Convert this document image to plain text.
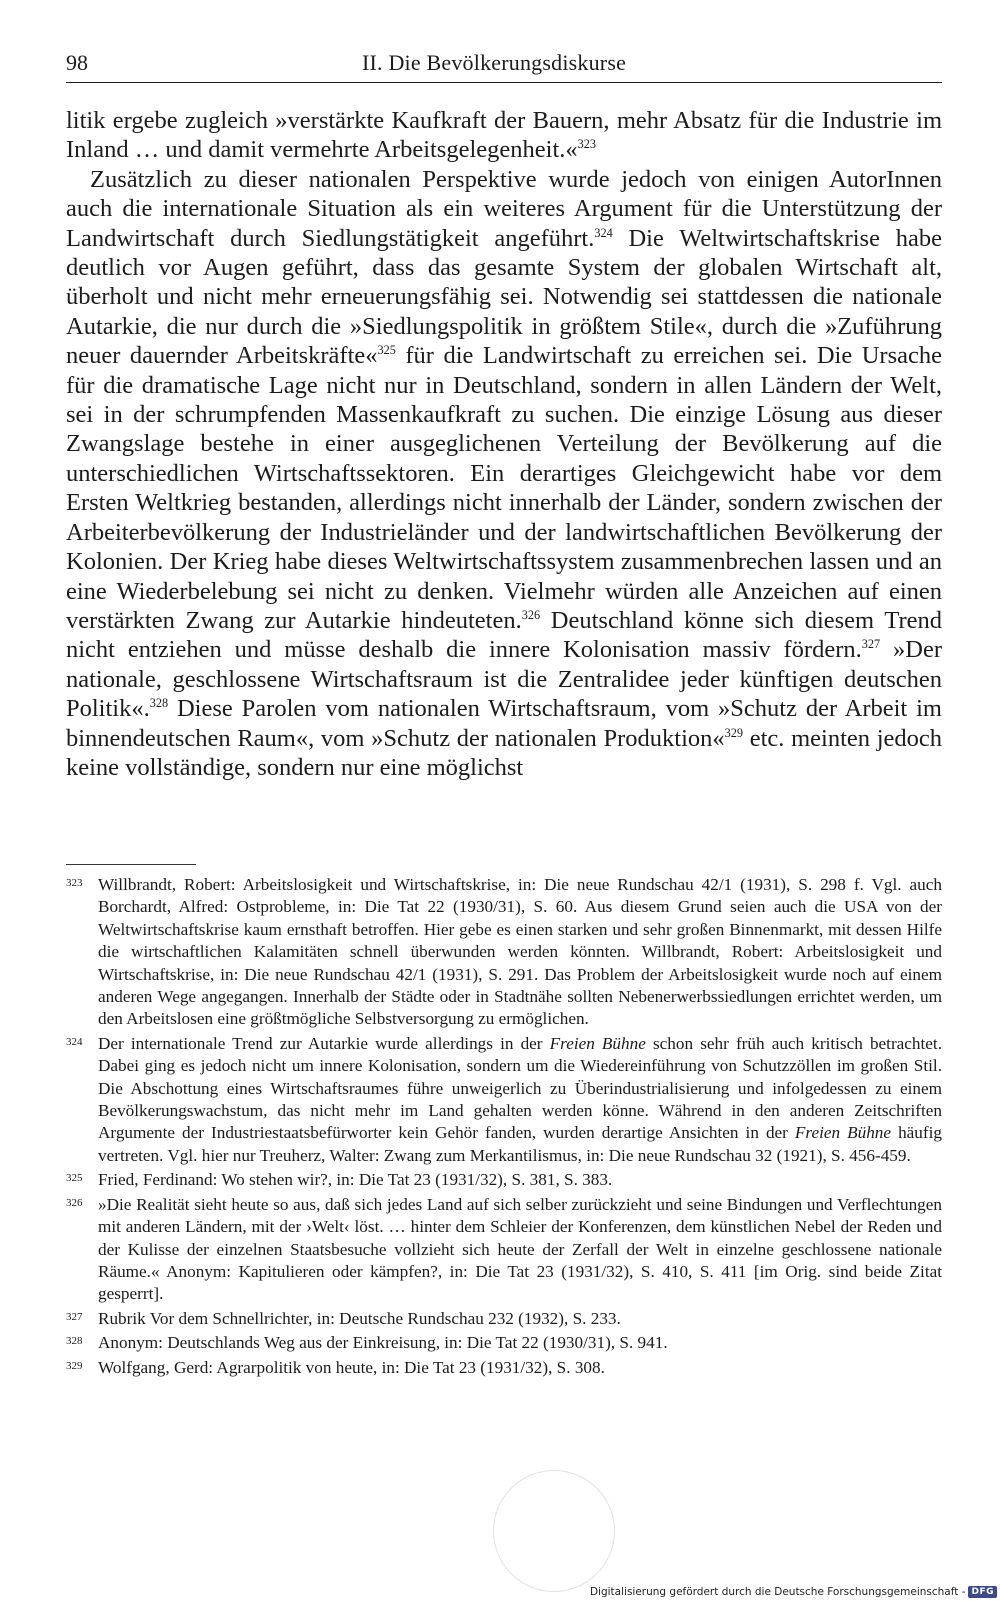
98	II. Die Bevölkerungsdiskurse

litik ergebe zugleich »verstärkte Kaufkraft der Bauern, mehr Absatz für die Industrie im Inland … und damit vermehrte Arbeitsgelegenheit.«$^{323}$

Zusätzlich zu dieser nationalen Perspektive wurde jedoch von einigen AutorInnen auch die internationale Situation als ein weiteres Argument für die Unterstützung der Landwirtschaft durch Siedlungstätigkeit angeführt.$^{324}$ Die Weltwirtschaftskrise habe deutlich vor Augen geführt, dass das gesamte System der globalen Wirtschaft alt, überholt und nicht mehr erneuerungsfähig sei. Notwendig sei stattdessen die nationale Autarkie, die nur durch die »Siedlungspolitik in größtem Stile«, durch die »Zuführung neuer dauernder Arbeitskräfte«$^{325}$ für die Landwirtschaft zu erreichen sei. Die Ursache für die dramatische Lage nicht nur in Deutschland, sondern in allen Ländern der Welt, sei in der schrumpfenden Massenkaufkraft zu suchen. Die einzige Lösung aus dieser Zwangslage bestehe in einer ausgeglichenen Verteilung der Bevölkerung auf die unterschiedlichen Wirtschaftssektoren. Ein derartiges Gleichgewicht habe vor dem Ersten Weltkrieg bestanden, allerdings nicht innerhalb der Länder, sondern zwischen der Arbeiterbevölkerung der Industrieländer und der landwirtschaftlichen Bevölkerung der Kolonien. Der Krieg habe dieses Weltwirtschaftssystem zusammenbrechen lassen und an eine Wiederbelebung sei nicht zu denken. Vielmehr würden alle Anzeichen auf einen verstärkten Zwang zur Autarkie hindeuteten.$^{326}$ Deutschland könne sich diesem Trend nicht entziehen und müsse deshalb die innere Kolonisation massiv fördern.$^{327}$ »Der nationale, geschlossene Wirtschaftsraum ist die Zentralidee jeder künftigen deutschen Politik«.$^{328}$ Diese Parolen vom nationalen Wirtschaftsraum, vom »Schutz der Arbeit im binnendeutschen Raum«, vom »Schutz der nationalen Produktion«$^{329}$ etc. meinten jedoch keine vollständige, sondern nur eine möglichst

323 Willbrandt, Robert: Arbeitslosigkeit und Wirtschaftskrise, in: Die neue Rundschau 42/1 (1931), S. 298 f. Vgl. auch Borchardt, Alfred: Ostprobleme, in: Die Tat 22 (1930/31), S. 60. Aus diesem Grund seien auch die USA von der Weltwirtschaftskrise kaum ernsthaft betroffen. Hier gebe es einen starken und sehr großen Binnenmarkt, mit dessen Hilfe die wirtschaftlichen Kalamitäten schnell überwunden werden könnten. Willbrandt, Robert: Arbeitslosigkeit und Wirtschaftskrise, in: Die neue Rundschau 42/1 (1931), S. 291. Das Problem der Arbeitslosigkeit wurde noch auf einem anderen Wege angegangen. Innerhalb der Städte oder in Stadtnähe sollten Nebenerwerbssiedlungen errichtet werden, um den Arbeitslosen eine größtmögliche Selbstversorgung zu ermöglichen.
324 Der internationale Trend zur Autarkie wurde allerdings in der Freien Bühne schon sehr früh auch kritisch betrachtet. Dabei ging es jedoch nicht um innere Kolonisation, sondern um die Wiedereinführung von Schutzzöllen im großen Stil. Die Abschottung eines Wirtschaftsraumes führe unweigerlich zu Überindustrialisierung und infolgedessen zu einem Bevölkerungswachstum, das nicht mehr im Land gehalten werden könne. Während in den anderen Zeitschriften Argumente der Industriestaatsbefürworter kein Gehör fanden, wurden derartige Ansichten in der Freien Bühne häufig vertreten. Vgl. hier nur Treuherz, Walter: Zwang zum Merkantilismus, in: Die neue Rundschau 32 (1921), S. 456-459.
325 Fried, Ferdinand: Wo stehen wir?, in: Die Tat 23 (1931/32), S. 381, S. 383.
326 »Die Realität sieht heute so aus, daß sich jedes Land auf sich selber zurückzieht und seine Bindungen und Verflechtungen mit anderen Ländern, mit der ›Welt‹ löst. … hinter dem Schleier der Konferenzen, dem künstlichen Nebel der Reden und der Kulisse der einzelnen Staatsbesuche vollzieht sich heute der Zerfall der Welt in einzelne geschlossene nationale Räume.« Anonym: Kapitulieren oder kämpfen?, in: Die Tat 23 (1931/32), S. 410, S. 411 [im Orig. sind beide Zitat gesperrt].
327 Rubrik Vor dem Schnellrichter, in: Deutsche Rundschau 232 (1932), S. 233.
328 Anonym: Deutschlands Weg aus der Einkreisung, in: Die Tat 22 (1930/31), S. 941.
329 Wolfgang, Gerd: Agrarpolitik von heute, in: Die Tat 23 (1931/32), S. 308.
Digitalisierung gefördert durch die Deutsche Forschungsgemeinschaft - DFG
